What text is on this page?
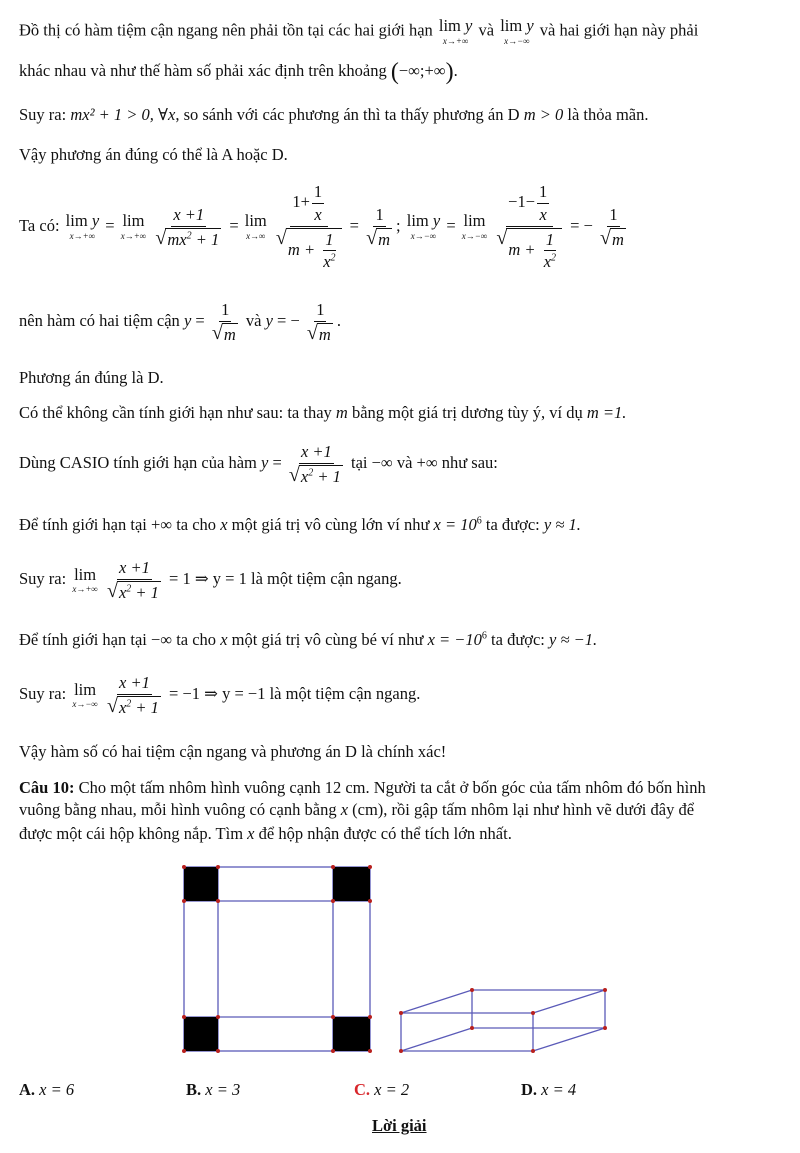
Đồ thị có hàm tiệm cận ngang nên phải tồn tại các hai giới hạn lim y
x→+∞
và lim y
x→−∞
và hai giới hạn này phải
khác nhau và như thế hàm số phải xác định trên khoảng (−∞;+∞).
Suy ra: mx² + 1 > 0, ∀x, so sánh với các phương án thì ta thấy phương án D m > 0 là thỏa mãn.
Vậy phương án đúng có thể là A hoặc D.
Ta có: lim y
x→+∞
= lim
x→+∞
x +1
√ $mx^2 + 1 = \lim$
x→∞
$1+ \frac{1}{x}$
√ $m + \frac{1}{x^2} = 1$
√ m ; lim y
x→−∞
= lim
x→−∞
$-1- \frac{1}{x}$
√ $m + \frac{1}{x^2}$ = − 1
√ m
nên hàm có hai tiệm cận y = 1
√ m và y = − 1
√ m .
Phương án đúng là D.
Có thể không cần tính giới hạn như sau: ta thay m bằng một giá trị dương tùy ý, ví dụ m =1.
Dùng CASIO tính giới hạn của hàm y = x +1
√ $x^2 + 1$ tại −∞ và +∞ như sau:
Để tính giới hạn tại +∞ ta cho x một giá trị vô cùng lớn ví như $x = 10^6$ ta được: y ≈ 1.
Suy ra: lim
x→+∞
x +1
√ $x^2 + 1 = 1$ ⇒ y = 1 là một tiệm cận ngang.
Để tính giới hạn tại −∞ ta cho x một giá trị vô cùng bé ví như $x = -10^6$ ta được: y ≈ −1.
Suy ra: lim
x→−∞
x +1
√ $x^2 + 1 = -1$ ⇒ y = −1 là một tiệm cận ngang.
Vậy hàm số có hai tiệm cận ngang và phương án D là chính xác!
Câu 10: Cho một tấm nhôm hình vuông cạnh 12 cm. Người ta cắt ở bốn góc của tấm nhôm đó bốn hình
vuông bằng nhau, mỗi hình vuông có cạnh bằng x (cm), rồi gập tấm nhôm lại như hình vẽ dưới đây để
được một cái hộp không nắp. Tìm x để hộp nhận được có thể tích lớn nhất.
A. x = 6	B. x = 3	C. x = 2	D. x = 4
Lời giải
